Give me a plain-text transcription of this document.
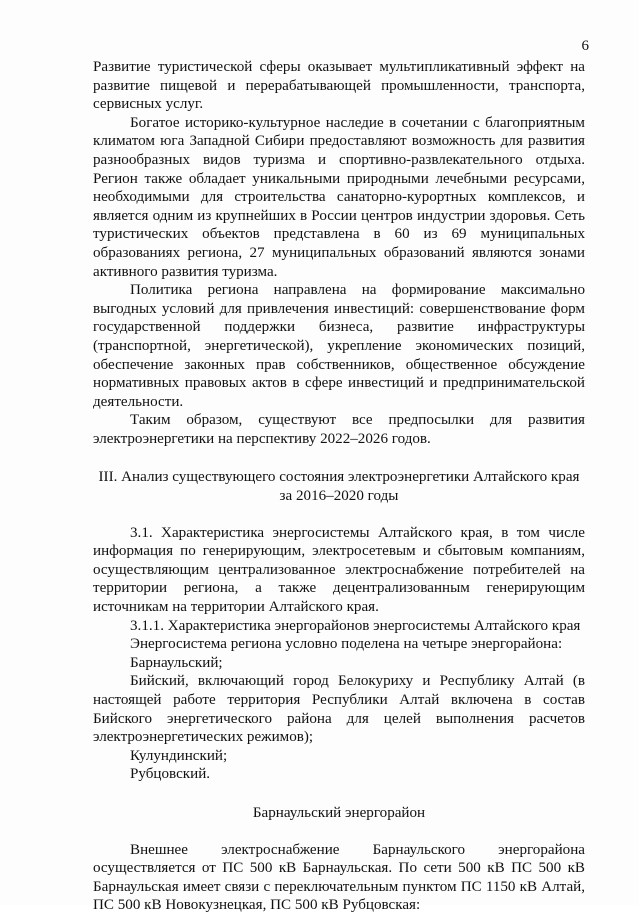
6

Развитие туристической сферы оказывает мультипликативный эффект на развитие пищевой и перерабатывающей промышленности, транспорта, сервисных услуг.

Богатое историко-культурное наследие в сочетании с благоприятным климатом юга Западной Сибири предоставляют возможность для развития разнообразных видов туризма и спортивно-развлекательного отдыха. Регион также обладает уникальными природными лечебными ресурсами, необходимыми для строительства санаторно-курортных комплексов, и является одним из крупнейших в России центров индустрии здоровья. Сеть туристических объектов представлена в 60 из 69 муниципальных образованиях региона, 27 муниципальных образований являются зонами активного развития туризма.

Политика региона направлена на формирование максимально выгодных условий для привлечения инвестиций: совершенствование форм государственной поддержки бизнеса, развитие инфраструктуры (транспортной, энергетической), укрепление экономических позиций, обеспечение законных прав собственников, общественное обсуждение нормативных правовых актов в сфере инвестиций и предпринимательской деятельности.

Таким образом, существуют все предпосылки для развития электроэнергетики на перспективу 2022–2026 годов.

III. Анализ существующего состояния электроэнергетики Алтайского края
за 2016–2020 годы

3.1. Характеристика энергосистемы Алтайского края, в том числе информация по генерирующим, электросетевым и сбытовым компаниям, осуществляющим централизованное электроснабжение потребителей на территории региона, а также децентрализованным генерирующим источникам на территории Алтайского края.

3.1.1. Характеристика энергорайонов энергосистемы Алтайского края

Энергосистема региона условно поделена на четыре энергорайона:

Барнаульский;

Бийский, включающий город Белокуриху и Республику Алтай (в настоящей работе территория Республики Алтай включена в состав Бийского энергетического района для целей выполнения расчетов электроэнергетических режимов);

Кулундинский;

Рубцовский.

Барнаульский энергорайон

Внешнее электроснабжение Барнаульского энергорайона осуществляется от ПС 500 кВ Барнаульская. По сети 500 кВ ПС 500 кВ Барнаульская имеет связи с переключательным пунктом ПС 1150 кВ Алтай, ПС 500 кВ Новокузнецкая, ПС 500 кВ Рубцовская:
